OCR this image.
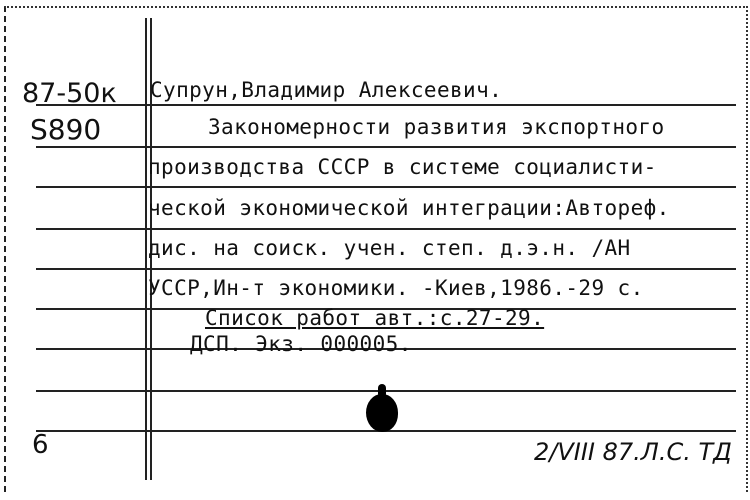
87-50к
S890
Супрун,Владимир Алексеевич.
Закономерности развития экспортного
производства СССР в системе социалисти-
ческой экономической интеграции:Автореф.
дис. на соиск. учен. степ. д.э.н. /АН
УССР,Ин-т экономики. -Киев,1986.-29 с.
Список работ авт.:с.27-29.
ДСП. Экз. 000005.
6	2/VIII 87.Л.С. ТД
